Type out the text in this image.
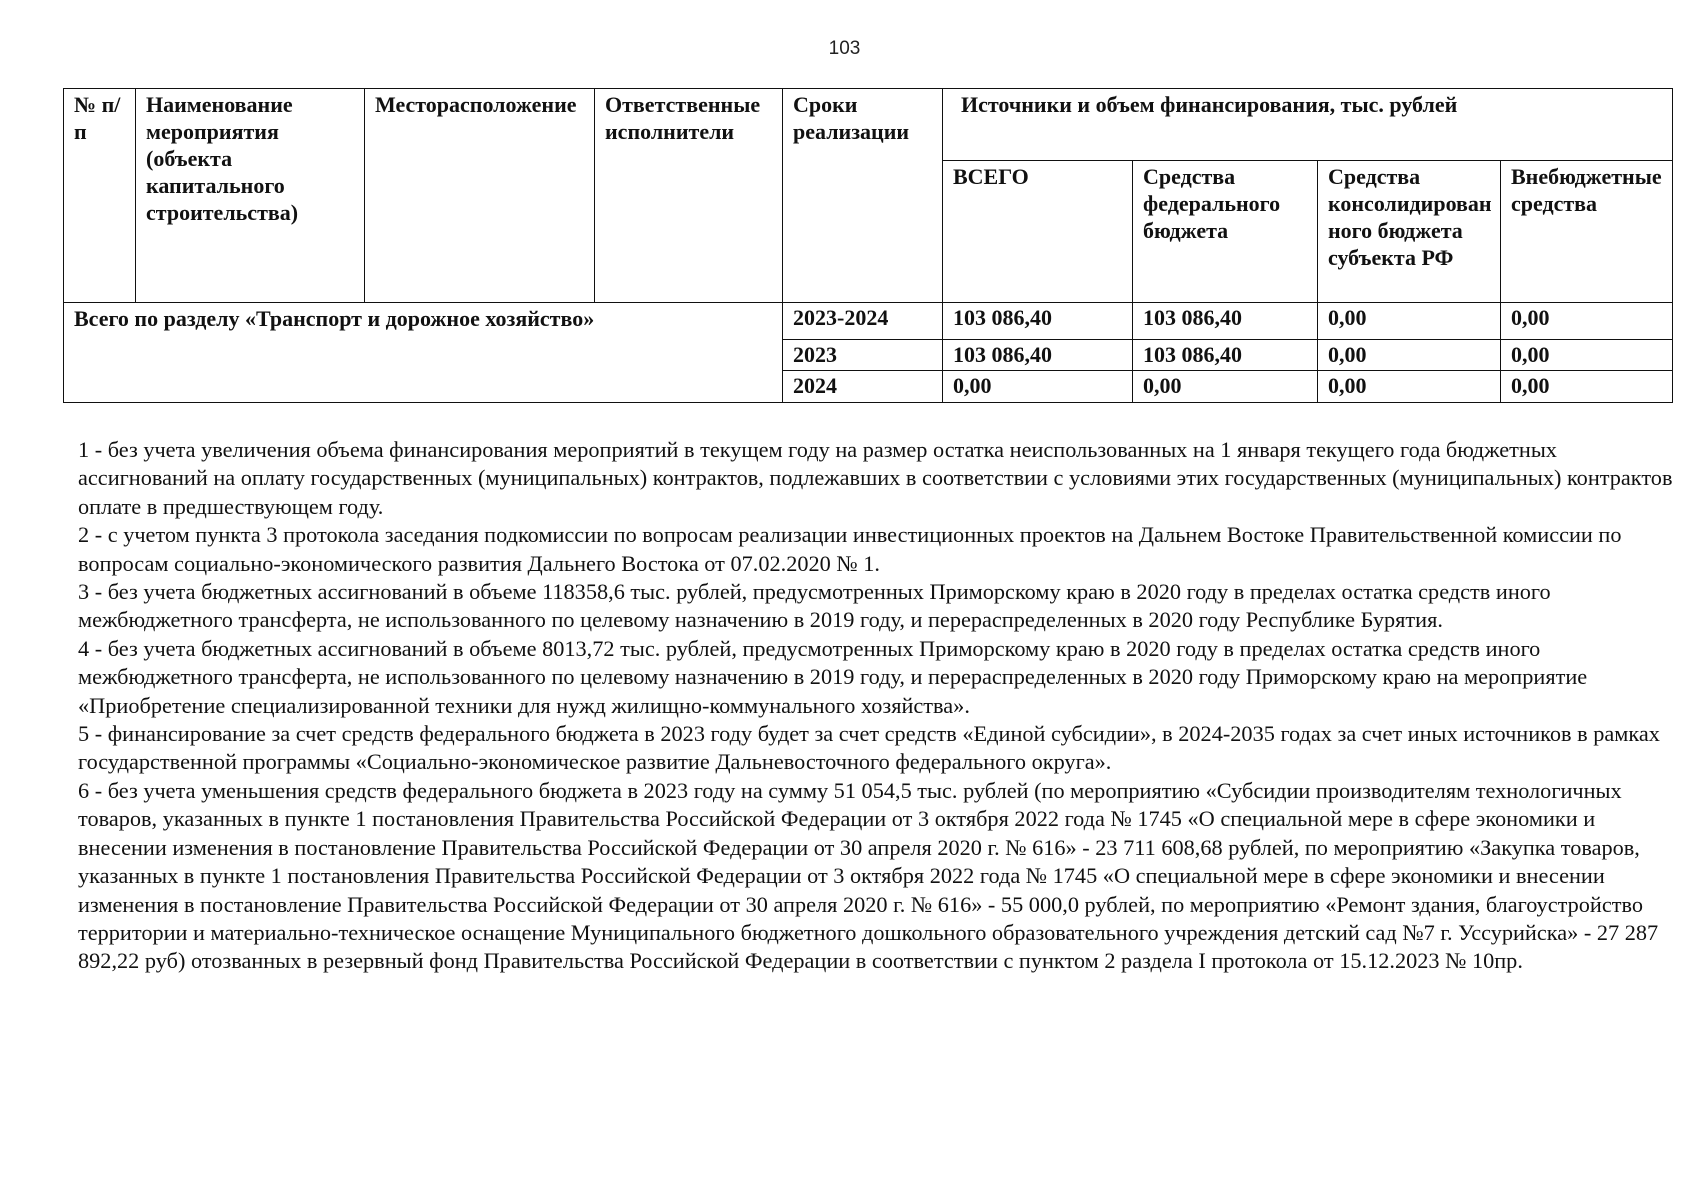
103
№ п/п	Наименование мероприятия (объекта капитального строительства)	Месторасположение	Ответственные исполнители	Сроки реализации	Источники и объем финансирования, тыс. рублей			
					ВСЕГО	Средства федерального бюджета	Средства консолидированного бюджета субъекта РФ	Внебюджетные средства
Всего по разделу «Транспорт и дорожное хозяйство»				2023-2024	103 086,40	103 086,40	0,00	0,00
				2023	103 086,40	103 086,40	0,00	0,00
				2024	0,00	0,00	0,00	0,00

1 - без учета увеличения объема финансирования мероприятий в текущем году на размер остатка неиспользованных на 1 января текущего года бюджетных ассигнований на оплату государственных (муниципальных) контрактов, подлежавших в соответствии с условиями этих государственных (муниципальных) контрактов оплате в предшествующем году.

2 - с учетом пункта 3 протокола заседания подкомиссии по вопросам реализации инвестиционных проектов на Дальнем Востоке Правительственной комиссии по вопросам социально-экономического развития Дальнего Востока от 07.02.2020 № 1.

3 - без учета бюджетных ассигнований в объеме 118358,6 тыс. рублей, предусмотренных Приморскому краю в 2020 году в пределах остатка средств иного межбюджетного трансферта, не использованного по целевому назначению в 2019 году, и перераспределенных в 2020 году Республике Бурятия.

4 - без учета бюджетных ассигнований в объеме 8013,72 тыс. рублей, предусмотренных Приморскому краю в 2020 году в пределах остатка средств иного межбюджетного трансферта, не использованного по целевому назначению в 2019 году, и перераспределенных в 2020 году Приморскому краю на мероприятие «Приобретение специализированной техники для нужд жилищно-коммунального хозяйства».

5 - финансирование за счет средств федерального бюджета в 2023 году будет за счет средств «Единой субсидии», в 2024-2035 годах за счет иных источников в рамках государственной программы «Социально-экономическое развитие Дальневосточного федерального округа».

6 - без учета уменьшения средств федерального бюджета в 2023 году на сумму 51 054,5 тыс. рублей (по мероприятию «Субсидии производителям технологичных товаров, указанных в пункте 1 постановления Правительства Российской Федерации от 3 октября 2022 года № 1745 «О специальной мере в сфере экономики и внесении изменения в постановление Правительства Российской Федерации от 30 апреля 2020 г. № 616» - 23 711 608,68 рублей, по мероприятию «Закупка товаров, указанных в пункте 1 постановления Правительства Российской Федерации от 3 октября 2022 года № 1745 «О специальной мере в сфере экономики и внесении изменения в постановление Правительства Российской Федерации от 30 апреля 2020 г. № 616» - 55 000,0 рублей, по мероприятию «Ремонт здания, благоустройство территории и материально-техническое оснащение Муниципального бюджетного дошкольного образовательного учреждения детский сад №7 г. Уссурийска» - 27 287 892,22 руб) отозванных в резервный фонд Правительства Российской Федерации в соответствии с пунктом 2 раздела I протокола от 15.12.2023 № 10пр.
